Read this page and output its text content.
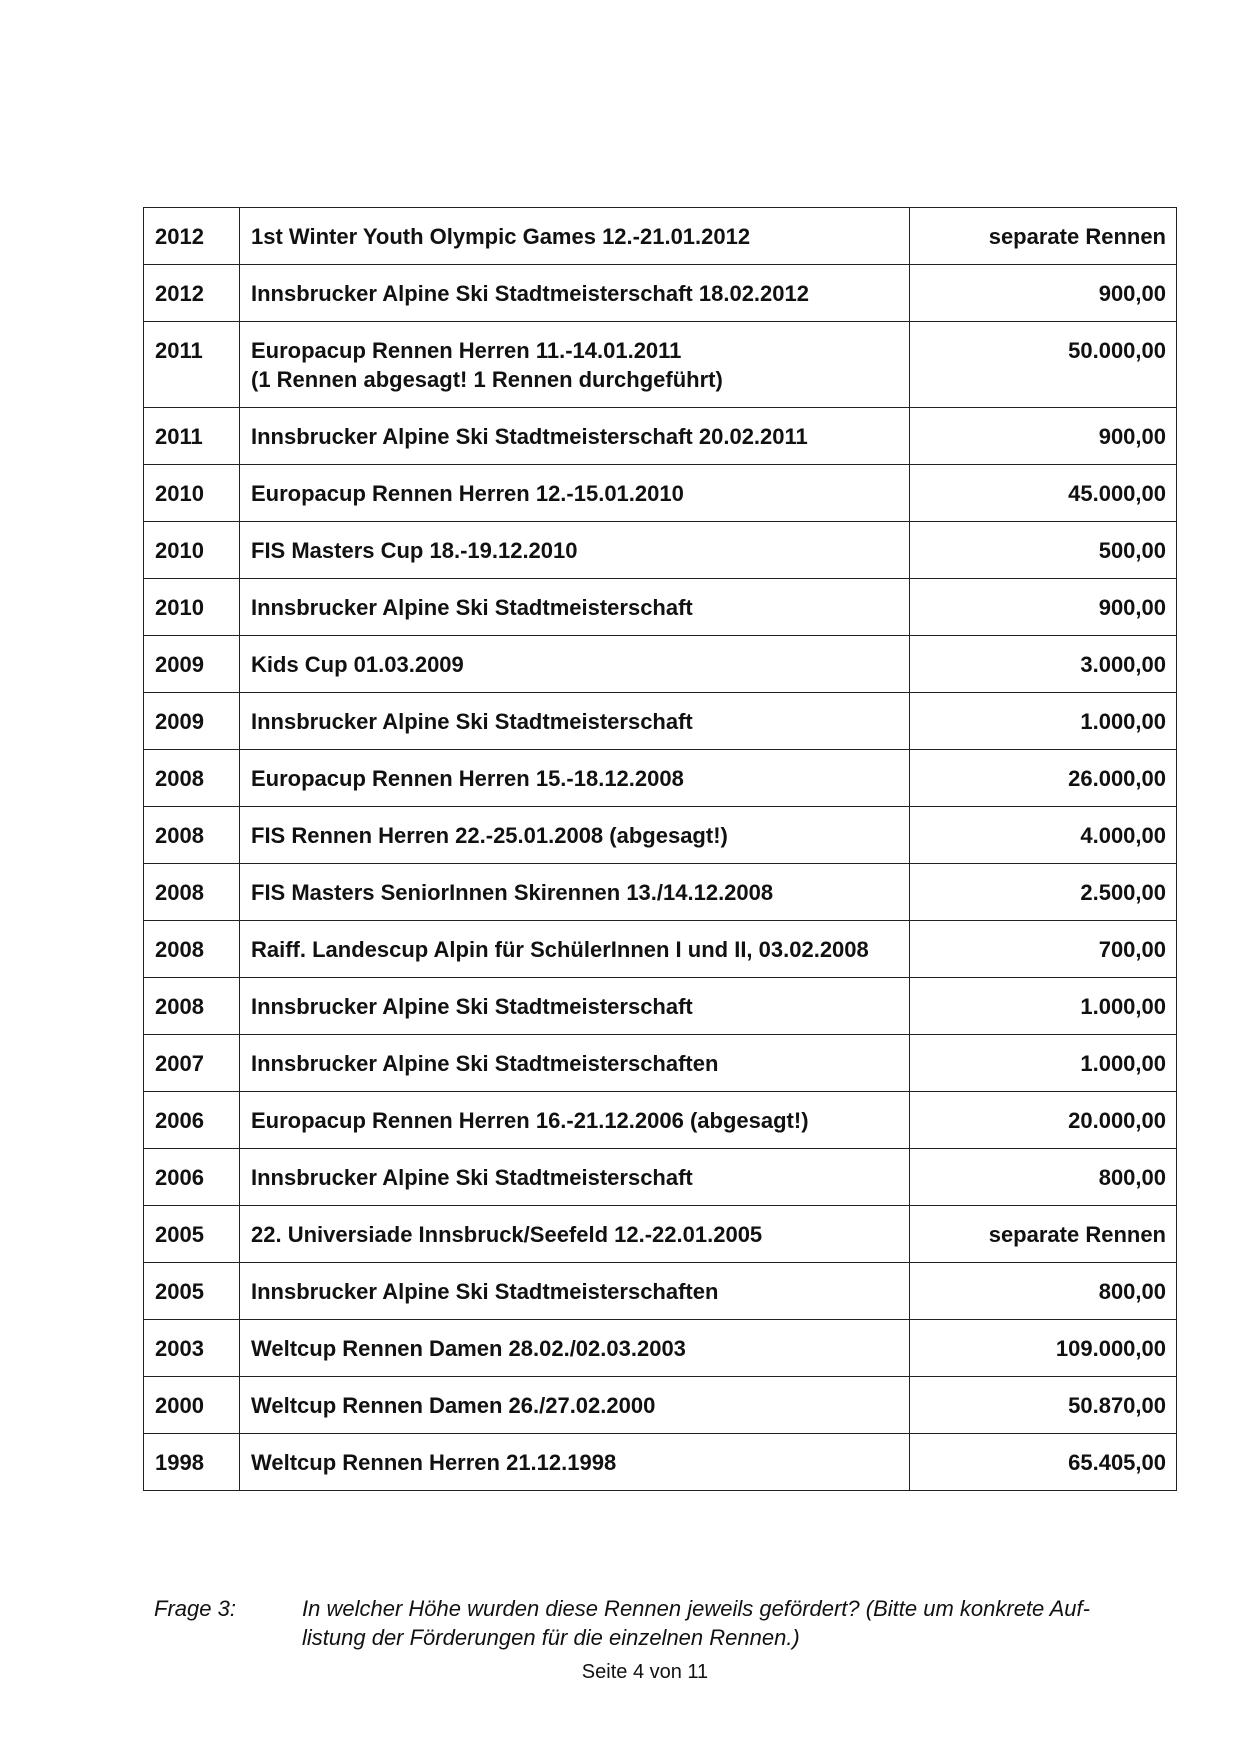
2012	1st Winter Youth Olympic Games 12.-21.01.2012	separate Rennen
2012	Innsbrucker Alpine Ski Stadtmeisterschaft 18.02.2012	900,00
2011	Europacup Rennen Herren 11.-14.01.2011
(1 Rennen abgesagt! 1 Rennen durchgeführt)	50.000,00
2011	Innsbrucker Alpine Ski Stadtmeisterschaft 20.02.2011	900,00
2010	Europacup Rennen Herren 12.-15.01.2010	45.000,00
2010	FIS Masters Cup 18.-19.12.2010	500,00
2010	Innsbrucker Alpine Ski Stadtmeisterschaft	900,00
2009	Kids Cup 01.03.2009	3.000,00
2009	Innsbrucker Alpine Ski Stadtmeisterschaft	1.000,00
2008	Europacup Rennen Herren 15.-18.12.2008	26.000,00
2008	FIS Rennen Herren 22.-25.01.2008 (abgesagt!)	4.000,00
2008	FIS Masters SeniorInnen Skirennen 13./14.12.2008	2.500,00
2008	Raiff. Landescup Alpin für SchülerInnen I und II, 03.02.2008	700,00
2008	Innsbrucker Alpine Ski Stadtmeisterschaft	1.000,00
2007	Innsbrucker Alpine Ski Stadtmeisterschaften	1.000,00
2006	Europacup Rennen Herren 16.-21.12.2006 (abgesagt!)	20.000,00
2006	Innsbrucker Alpine Ski Stadtmeisterschaft	800,00
2005	22. Universiade Innsbruck/Seefeld 12.-22.01.2005	separate Rennen
2005	Innsbrucker Alpine Ski Stadtmeisterschaften	800,00
2003	Weltcup Rennen Damen 28.02./02.03.2003	109.000,00
2000	Weltcup Rennen Damen 26./27.02.2000	50.870,00
1998	Weltcup Rennen Herren 21.12.1998	65.405,00
Frage 3:	In welcher Höhe wurden diese Rennen jeweils gefördert? (Bitte um konkrete Auf-listung der Förderungen für die einzelnen Rennen.)
Seite 4 von 11
